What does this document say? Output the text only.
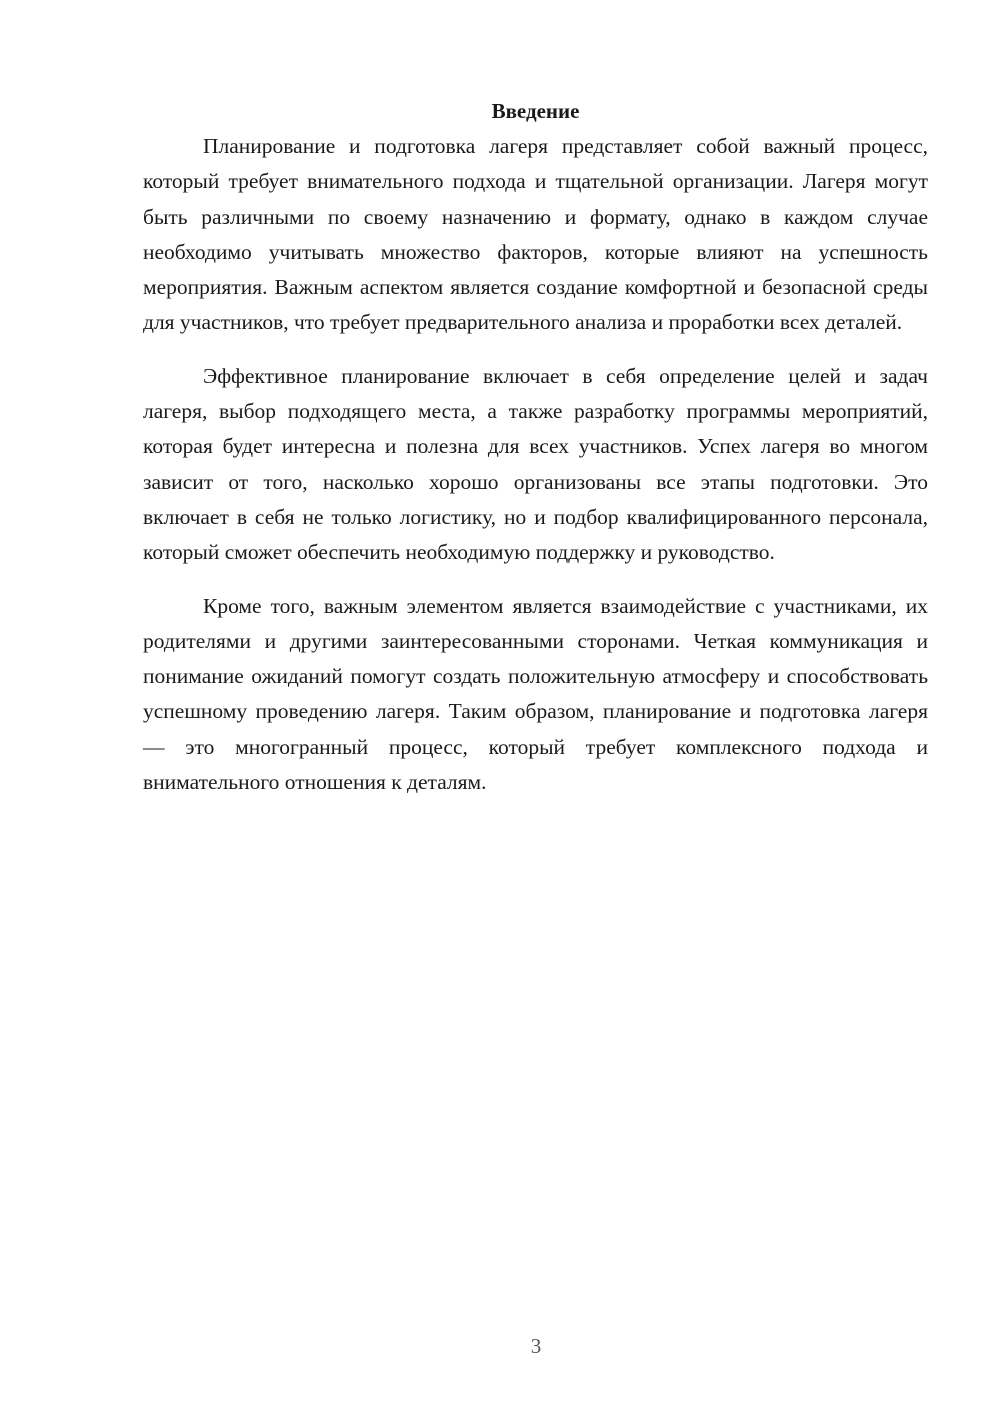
Введение

Планирование и подготовка лагеря представляет собой важный процесс, который требует внимательного подхода и тщательной организации. Лагеря могут быть различными по своему назначению и формату, однако в каждом случае необходимо учитывать множество факторов, которые влияют на успешность мероприятия. Важным аспектом является создание комфортной и безопасной среды для участников, что требует предварительного анализа и проработки всех деталей.

Эффективное планирование включает в себя определение целей и задач лагеря, выбор подходящего места, а также разработку программы мероприятий, которая будет интересна и полезна для всех участников. Успех лагеря во многом зависит от того, насколько хорошо организованы все этапы подготовки. Это включает в себя не только логистику, но и подбор квалифицированного персонала, который сможет обеспечить необходимую поддержку и руководство.

Кроме того, важным элементом является взаимодействие с участниками, их родителями и другими заинтересованными сторонами. Четкая коммуникация и понимание ожиданий помогут создать положительную атмосферу и способствовать успешному проведению лагеря. Таким образом, планирование и подготовка лагеря — это многогранный процесс, который требует комплексного подхода и внимательного отношения к деталям.

3
